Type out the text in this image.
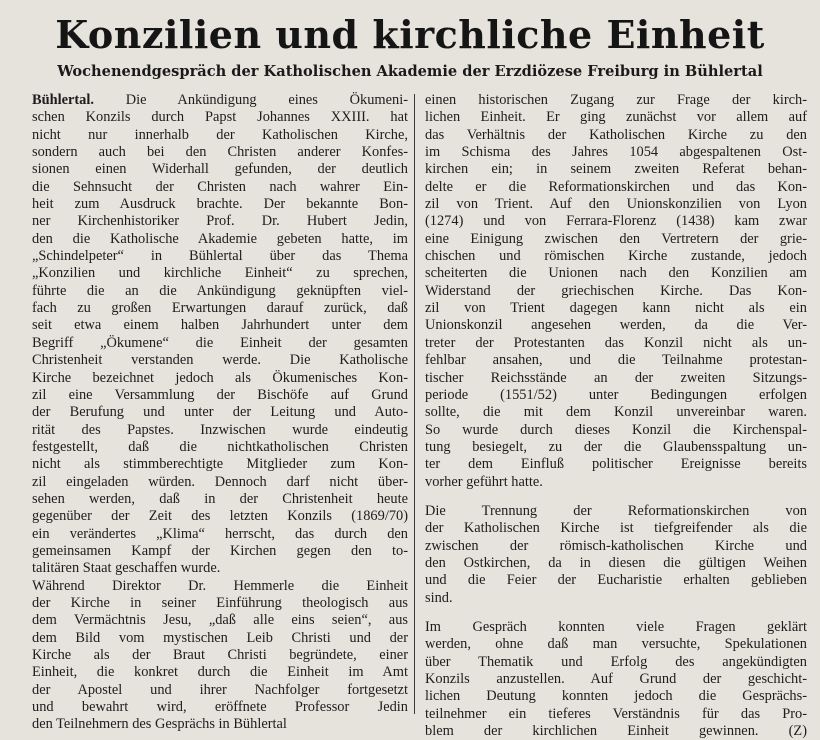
Konzilien und kirchliche Einheit
Wochenendgespräch der Katholischen Akademie der Erzdiözese Freiburg in Bühlertal
Bühlertal. Die Ankündigung eines Ökumeni-
schen Konzils durch Papst Johannes XXIII. hat
nicht nur innerhalb der Katholischen Kirche,
sondern auch bei den Christen anderer Konfes-
sionen einen Widerhall gefunden, der deutlich
die Sehnsucht der Christen nach wahrer Ein-
heit zum Ausdruck brachte. Der bekannte Bon-
ner Kirchenhistoriker Prof. Dr. Hubert Jedin,
den die Katholische Akademie gebeten hatte, im
„Schindelpeter“ in Bühlertal über das Thema
„Konzilien und kirchliche Einheit“ zu sprechen,
führte die an die Ankündigung geknüpften viel-
fach zu großen Erwartungen darauf zurück, daß
seit etwa einem halben Jahrhundert unter dem
Begriff „Ökumene“ die Einheit der gesamten
Christenheit verstanden werde. Die Katholische
Kirche bezeichnet jedoch als Ökumenisches Kon-
zil eine Versammlung der Bischöfe auf Grund
der Berufung und unter der Leitung und Auto-
rität des Papstes. Inzwischen wurde eindeutig
festgestellt, daß die nichtkatholischen Christen
nicht als stimmberechtigte Mitglieder zum Kon-
zil eingeladen würden. Dennoch darf nicht über-
sehen werden, daß in der Christenheit heute
gegenüber der Zeit des letzten Konzils (1869/70)
ein verändertes „Klima“ herrscht, das durch den
gemeinsamen Kampf der Kirchen gegen den to-
talitären Staat geschaffen wurde.
Während Direktor Dr. Hemmerle die Einheit
der Kirche in seiner Einführung theologisch aus
dem Vermächtnis Jesu, „daß alle eins seien“, aus
dem Bild vom mystischen Leib Christi und der
Kirche als der Braut Christi begründete, einer
Einheit, die konkret durch die Einheit im Amt
der Apostel und ihrer Nachfolger fortgesetzt
und bewahrt wird, eröffnete Professor Jedin
den Teilnehmern des Gesprächs in Bühlertal
einen historischen Zugang zur Frage der kirch-
lichen Einheit. Er ging zunächst vor allem auf
das Verhältnis der Katholischen Kirche zu den
im Schisma des Jahres 1054 abgespaltenen Ost-
kirchen ein; in seinem zweiten Referat behan-
delte er die Reformationskirchen und das Kon-
zil von Trient. Auf den Unionskonzilien von Lyon
(1274) und von Ferrara-Florenz (1438) kam zwar
eine Einigung zwischen den Vertretern der grie-
chischen und römischen Kirche zustande, jedoch
scheiterten die Unionen nach den Konzilien am
Widerstand der griechischen Kirche. Das Kon-
zil von Trient dagegen kann nicht als ein
Unionskonzil angesehen werden, da die Ver-
treter der Protestanten das Konzil nicht als un-
fehlbar ansahen, und die Teilnahme protestan-
tischer Reichsstände an der zweiten Sitzungs-
periode (1551/52) unter Bedingungen erfolgen
sollte, die mit dem Konzil unvereinbar waren.
So wurde durch dieses Konzil die Kirchenspal-
tung besiegelt, zu der die Glaubensspaltung un-
ter dem Einfluß politischer Ereignisse bereits
vorher geführt hatte.
Die Trennung der Reformationskirchen von
der Katholischen Kirche ist tiefgreifender als die
zwischen der römisch-katholischen Kirche und
den Ostkirchen, da in diesen die gültigen Weihen
und die Feier der Eucharistie erhalten geblieben
sind.
Im Gespräch konnten viele Fragen geklärt
werden, ohne daß man versuchte, Spekulationen
über Thematik und Erfolg des angekündigten
Konzils anzustellen. Auf Grund der geschicht-
lichen Deutung konnten jedoch die Gesprächs-
teilnehmer ein tieferes Verständnis für das Pro-
blem der kirchlichen Einheit gewinnen. (Z)
